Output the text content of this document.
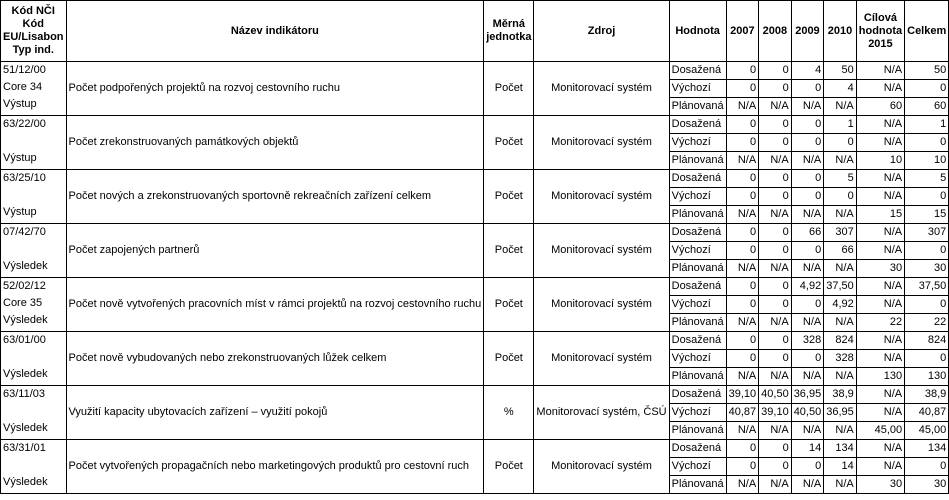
Kód NČI
Kód EU/Lisabon
Typ ind.	Název indikátoru	Měrná jednotka	Zdroj	Hodnota	2007	2008	2009	2010	Cílová hodnota 2015	Celkem

51/12/00
Core 34
Výstup	Počet podpořených projektů na rozvoj cestovního ruchu	Počet	Monitorovací systém	Dosažená	0	0	4	50	N/A	50
				Výchozí	0	0	0	4	N/A	0
				Plánovaná	N/A	N/A	N/A	N/A	60	60

63/22/00
Výstup	Počet zrekonstruovaných památkových objektů	Počet	Monitorovací systém	Dosažená	0	0	0	1	N/A	1
				Výchozí	0	0	0	0	N/A	0
				Plánovaná	N/A	N/A	N/A	N/A	10	10

63/25/10
Výstup	Počet nových a zrekonstruovaných sportovně rekreačních zařízení celkem	Počet	Monitorovací systém	Dosažená	0	0	0	5	N/A	5
				Výchozí	0	0	0	0	N/A	0
				Plánovaná	N/A	N/A	N/A	N/A	15	15

07/42/70
Výsledek	Počet zapojených partnerů	Počet	Monitorovací systém	Dosažená	0	0	66	307	N/A	307
				Výchozí	0	0	0	66	N/A	0
				Plánovaná	N/A	N/A	N/A	N/A	30	30

52/02/12
Core 35
Výsledek	Počet nově vytvořených pracovních míst v rámci projektů na rozvoj cestovního ruchu	Počet	Monitorovací systém	Dosažená	0	0	4,92	37,50	N/A	37,50
				Výchozí	0	0	0	4,92	N/A	0
				Plánovaná	N/A	N/A	N/A	N/A	22	22

63/01/00
Výsledek	Počet nově vybudovaných nebo zrekonstruovaných lůžek celkem	Počet	Monitorovací systém	Dosažená	0	0	328	824	N/A	824
				Výchozí	0	0	0	328	N/A	0
				Plánovaná	N/A	N/A	N/A	N/A	130	130

63/11/03
Výsledek	Využití kapacity ubytovacích zařízení – využití pokojů	%	Monitorovací systém, ČSÚ	Dosažená	39,10	40,50	36,95	38,9	N/A	38,9
				Výchozí	40,87	39,10	40,50	36,95	N/A	40,87
				Plánovaná	N/A	N/A	N/A	N/A	45,00	45,00

63/31/01
Výsledek	Počet vytvořených propagačních nebo marketingových produktů pro cestovní ruch	Počet	Monitorovací systém	Dosažená	0	0	14	134	N/A	134
				Výchozí	0	0	0	14	N/A	0
				Plánovaná	N/A	N/A	N/A	N/A	30	30
